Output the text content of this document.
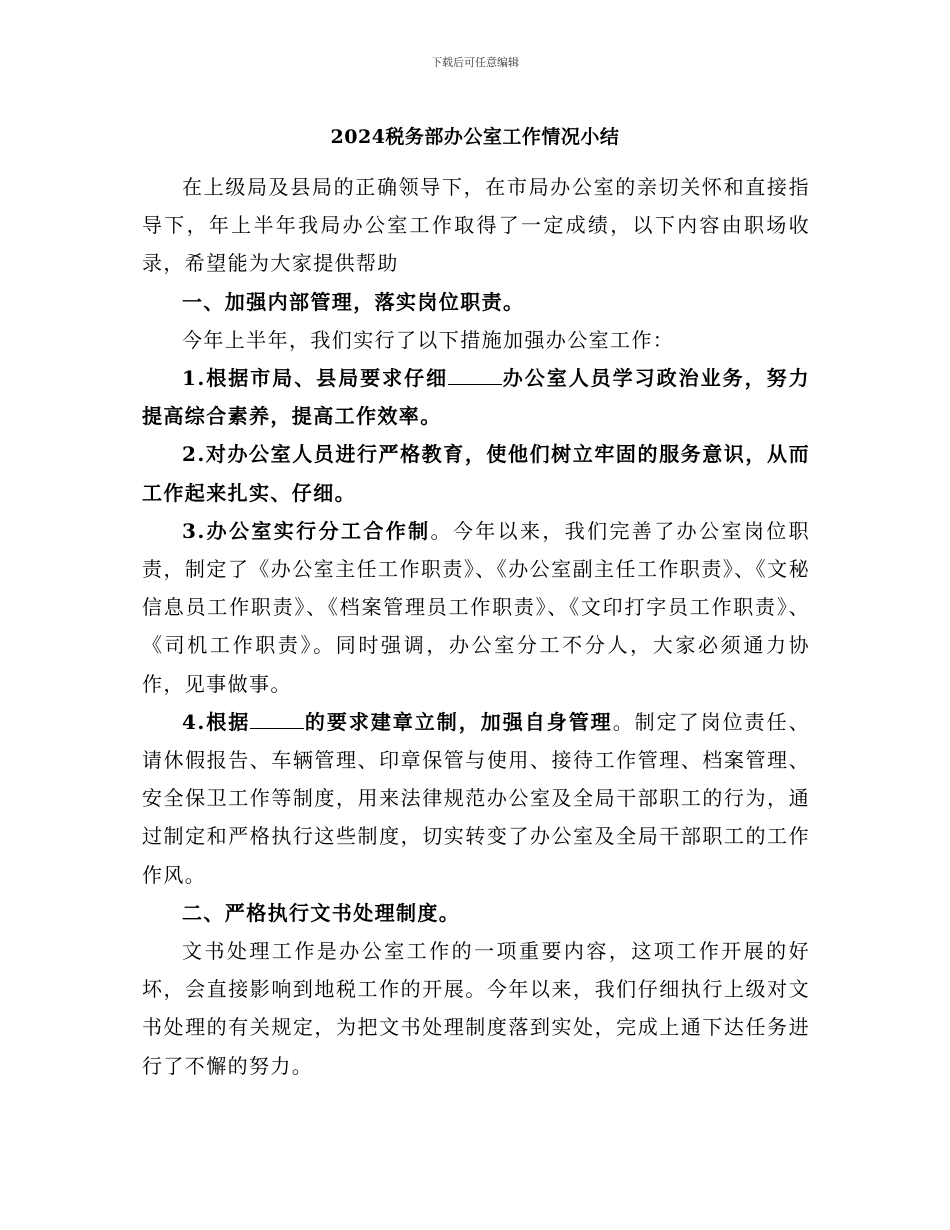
下载后可任意编辑
2024税务部办公室工作情况小结

在上级局及县局的正确领导下，在市局办公室的亲切关怀和直接指导下，年上半年我局办公室工作取得了一定成绩，以下内容由职场收录，希望能为大家提供帮助

一、加强内部管理，落实岗位职责。

今年上半年，我们实行了以下措施加强办公室工作：

1.根据市局、县局要求仔细	办公室人员学习政治业务，努力提高综合素养，提高工作效率。

2.对办公室人员进行严格教育，使他们树立牢固的服务意识，从而工作起来扎实、仔细。

3.办公室实行分工合作制。今年以来，我们完善了办公室岗位职责，制定了《办公室主任工作职责》、《办公室副主任工作职责》、《文秘信息员工作职责》、《档案管理员工作职责》、《文印打字员工作职责》、《司机工作职责》。同时强调，办公室分工不分人，大家必须通力协作，见事做事。

4.根据	的要求建章立制，加强自身管理。制定了岗位责任、请休假报告、车辆管理、印章保管与使用、接待工作管理、档案管理、安全保卫工作等制度，用来法律规范办公室及全局干部职工的行为，通过制定和严格执行这些制度，切实转变了办公室及全局干部职工的工作作风。

二、严格执行文书处理制度。

文书处理工作是办公室工作的一项重要内容，这项工作开展的好坏，会直接影响到地税工作的开展。今年以来，我们仔细执行上级对文书处理的有关规定，为把文书处理制度落到实处，完成上通下达任务进行了不懈的努力。
